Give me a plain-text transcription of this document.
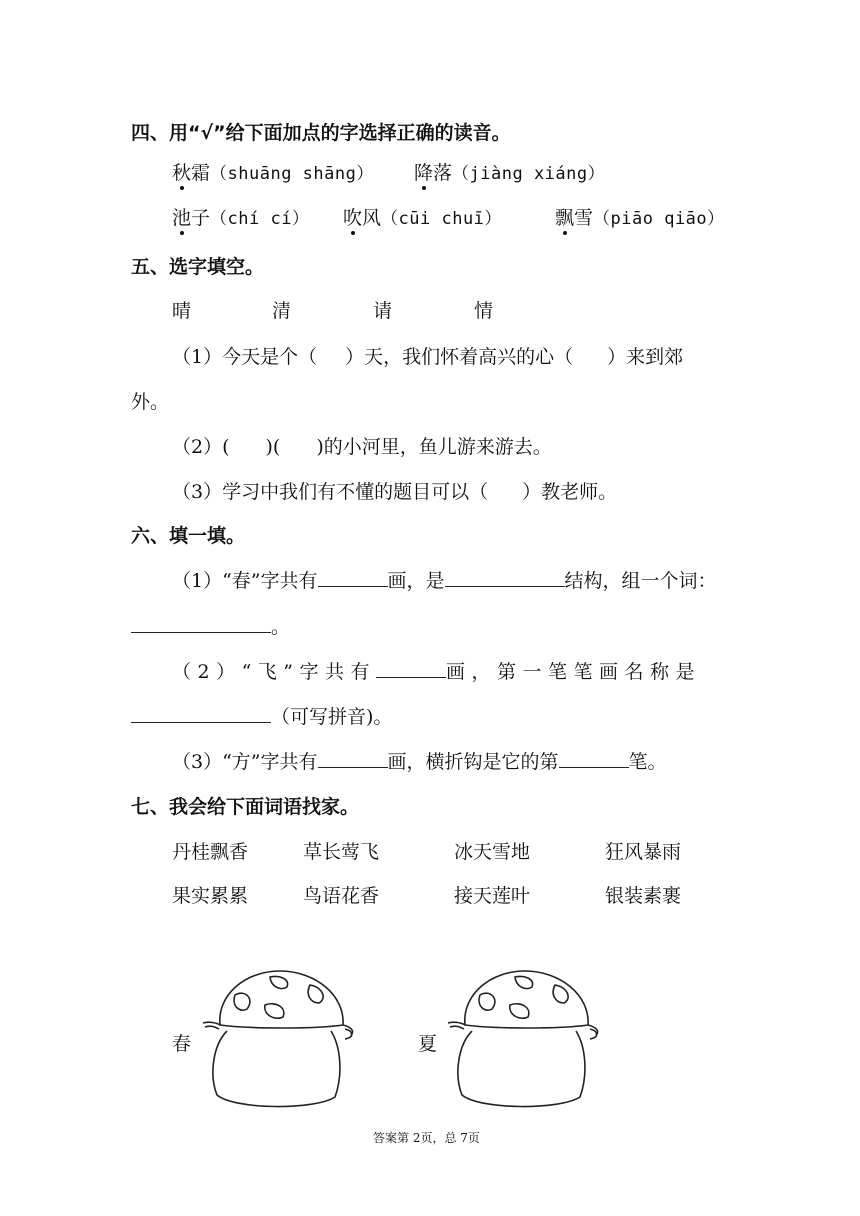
四、用“√”给下面加点的字选择正确的读音。
秋霜（shuāng shāng） 降落（jiàng xiáng）
池子（chí cí） 吹风（cūi chuī）	飘雪（piāo qiāo）
五、选字填空。
晴	清	请	情
（1）今天是个（ ）天，我们怀着高兴的心（ ）来到郊
外。
（2）( )( )的小河里，鱼儿游来游去。
（3）学习中我们有不懂的题目可以（ ）教老师。
六、填一填。
（1）“春”字共有	画，是	结构，组一个词：
。
（2）“飞”字共有	画，第一笔笔画名称是
（可写拼音)。
（3）“方”字共有	画，横折钩是它的第	笔。
七、我会给下面词语找家。
丹桂飘香	草长莺飞	冰天雪地	狂风暴雨
果实累累	鸟语花香	接天莲叶	银装素裹
春	夏
答案第 2页，总 7页
